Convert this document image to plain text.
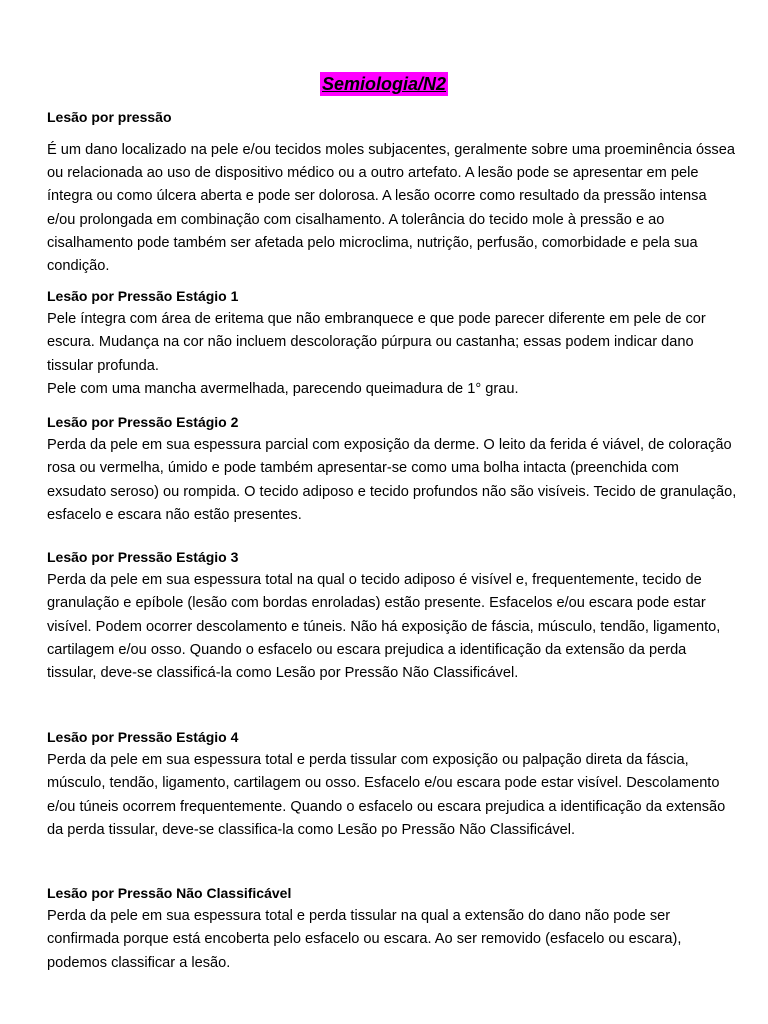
Semiologia/N2
Lesão por pressão
É um dano localizado na pele e/ou tecidos moles subjacentes, geralmente sobre uma proeminência óssea ou relacionada ao uso de dispositivo médico ou a outro artefato. A lesão pode se apresentar em pele íntegra ou como úlcera aberta e pode ser dolorosa. A lesão ocorre como resultado da pressão intensa e/ou prolongada em combinação com cisalhamento. A tolerância do tecido mole à pressão e ao cisalhamento pode também ser afetada pelo microclima, nutrição, perfusão, comorbidade e pela sua condição.
Lesão por Pressão Estágio 1

Pele íntegra com área de eritema que não embranquece e que pode parecer diferente em pele de cor escura. Mudança na cor não incluem descoloração púrpura ou castanha; essas podem indicar dano tissular profunda.

Pele com uma mancha avermelhada, parecendo queimadura de 1° grau.

Lesão por Pressão Estágio 2

Perda da pele em sua espessura parcial com exposição da derme. O leito da ferida é viável, de coloração rosa ou vermelha, úmido e pode também apresentar-se como uma bolha intacta (preenchida com exsudato seroso) ou rompida. O tecido adiposo e tecido profundos não são visíveis. Tecido de granulação, esfacelo e escara não estão presentes.

Lesão por Pressão Estágio 3

Perda da pele em sua espessura total na qual o tecido adiposo é visível e, frequentemente, tecido de granulação e epíbole (lesão com bordas enroladas) estão presente. Esfacelos e/ou escara pode estar visível. Podem ocorrer descolamento e túneis. Não há exposição de fáscia, músculo, tendão, ligamento, cartilagem e/ou osso. Quando o esfacelo ou escara prejudica a identificação da extensão da perda tissular, deve-se classificá-la como Lesão por Pressão Não Classificável.

Lesão por Pressão Estágio 4

Perda da pele em sua espessura total e perda tissular com exposição ou palpação direta da fáscia, músculo, tendão, ligamento, cartilagem ou osso. Esfacelo e/ou escara pode estar visível. Descolamento e/ou túneis ocorrem frequentemente. Quando o esfacelo ou escara prejudica a identificação da extensão da perda tissular, deve-se classifica-la como Lesão po Pressão Não Classificável.

Lesão por Pressão Não Classificável

Perda da pele em sua espessura total e perda tissular na qual a extensão do dano não pode ser confirmada porque está encoberta pelo esfacelo ou escara. Ao ser removido (esfacelo ou escara), podemos classificar a lesão.
